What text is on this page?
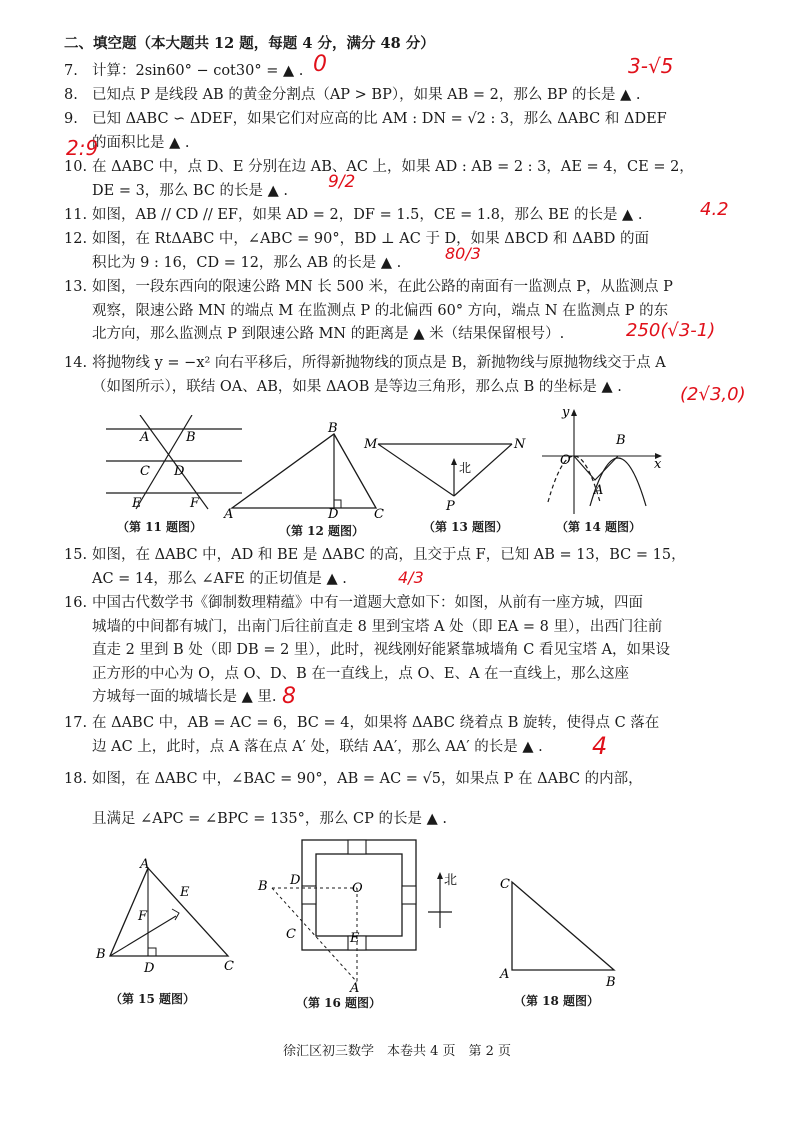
二、填空题（本大题共 12 题，每题 4 分，满分 48 分）
7. 计算：2sin60° − cot30° = ▲ .

8. 已知点 P 是线段 AB 的黄金分割点（AP > BP），如果 AB = 2，那么 BP 的长是 ▲ .

9. 已知 ΔABC ∽ ΔDEF，如果它们对应高的比 AM : DN = √2 : 3，那么 ΔABC 和 ΔDEF

的面积比是 ▲ .

10. 在 ΔABC 中，点 D、E 分别在边 AB、AC 上，如果 AD : AB = 2 : 3，AE = 4，CE = 2，

DE = 3，那么 BC 的长是 ▲ .

11. 如图，AB // CD // EF，如果 AD = 2，DF = 1.5，CE = 1.8，那么 BE 的长是 ▲ .

12. 如图，在 RtΔABC 中，∠ABC = 90°，BD ⊥ AC 于 D，如果 ΔBCD 和 ΔABD 的面

积比为 9 : 16，CD = 12，那么 AB 的长是 ▲ .

13. 如图，一段东西向的限速公路 MN 长 500 米，在此公路的南面有一监测点 P，从监测点 P

观察，限速公路 MN 的端点 M 在监测点 P 的北偏西 60° 方向，端点 N 在监测点 P 的东

北方向，那么监测点 P 到限速公路 MN 的距离是 ▲ 米（结果保留根号）.

14. 将抛物线 y = −x² 向右平移后，所得新抛物线的顶点是 B，新抛物线与原抛物线交于点 A

（如图所示），联结 OA、AB，如果 ΔAOB 是等边三角形，那么点 B 的坐标是 ▲ .

15. 如图，在 ΔABC 中，AD 和 BE 是 ΔABC 的高，且交于点 F，已知 AB = 13，BC = 15，

AC = 14，那么 ∠AFE 的正切值是 ▲ .

16. 中国古代数学书《御制数理精蕴》中有一道题大意如下：如图，从前有一座方城，四面

城墙的中间都有城门，出南门后往前直走 8 里到宝塔 A 处（即 EA = 8 里），出西门往前

直走 2 里到 B 处（即 DB = 2 里），此时，视线刚好能紧靠城墙角 C 看见宝塔 A，如果设

正方形的中心为 O，点 O、D、B 在一直线上，点 O、E、A 在一直线上，那么这座

方城每一面的城墙长是 ▲ 里.

17. 在 ΔABC 中，AB = AC = 6，BC = 4，如果将 ΔABC 绕着点 B 旋转，使得点 C 落在

边 AC 上，此时，点 A 落在点 A′ 处，联结 AA′，那么 AA′ 的长是 ▲ .

18. 如图，在 ΔABC 中，∠BAC = 90°，AB = AC = √5，如果点 P 在 ΔABC 的内部，

且满足 ∠APC = ∠BPC = 135°，那么 CP 的长是 ▲ .

0	3-√5
2:9
9/2
4.2
80/3
250(√3-1)
(2√3,0)
4/3
8
4
A	B
C D
E	F
（第 11 题图）
B
A	D	C
（第 12 题图）
M	N
北
P
（第 13 题图）
y
x
O
B
A
（第 14 题图）
A
E
F
B
D	C
（第 15 题图）
B D
O
C	E
A
（第 16 题图）
北	C
A
B
（第 18 题图）
徐汇区初三数学　本卷共 4 页　第 2 页
